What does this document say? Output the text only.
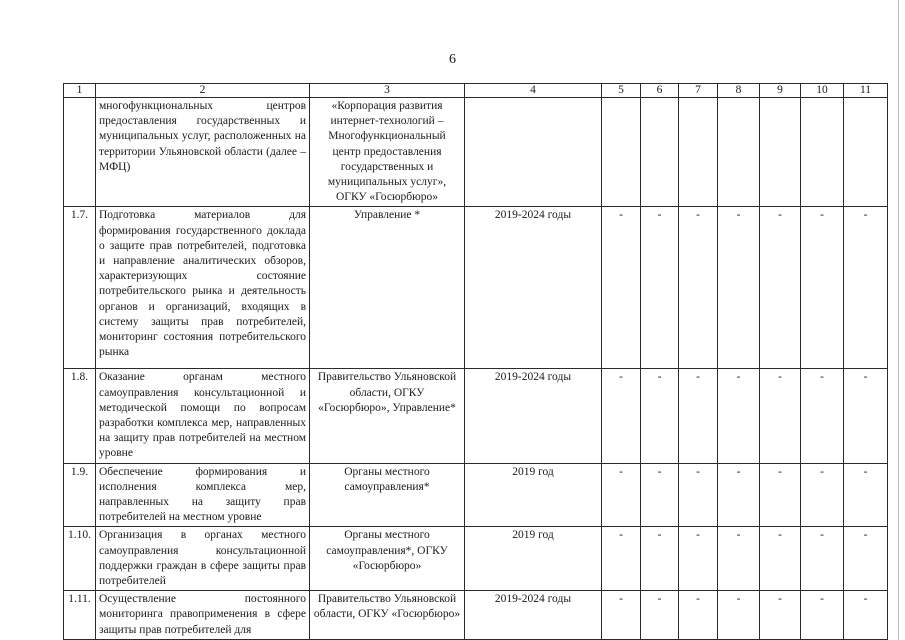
6
1	2	3	4	5	6	7	8	9	10	11
	многофункциональных центров предоставления государственных и муниципальных услуг, расположенных на территории Ульяновской области (далее – МФЦ)	«Корпорация развития интернет-технологий – Многофункциональный центр предоставления государственных и муниципальных услуг», ОГКУ «Госюрбюро»								
1.7.	Подготовка материалов для формирования государственного доклада о защите прав потребителей, подготовка и направление аналитических обзоров, характеризующих состояние потребительского рынка и деятельность органов и организаций, входящих в систему защиты прав потребителей, мониторинг состояния потребительского рынка	Управление *	2019-2024 годы	-	-	-	-	-	-	-
1.8.	Оказание органам местного самоуправления консультационной и методической помощи по вопросам разработки комплекса мер, направленных на защиту прав потребителей на местном уровне	Правительство Ульяновской области, ОГКУ «Госюрбюро», Управление*	2019-2024 годы	-	-	-	-	-	-	-
1.9.	Обеспечение формирования и исполнения комплекса мер, направленных на защиту прав потребителей на местном уровне	Органы местного самоуправления*	2019 год	-	-	-	-	-	-	-
1.10.	Организация в органах местного самоуправления консультационной поддержки граждан в сфере защиты прав потребителей	Органы местного самоуправления*, ОГКУ «Госюрбюро»	2019 год	-	-	-	-	-	-	-
1.11.	Осуществление постоянного мониторинга правоприменения в сфере защиты прав потребителей для	Правительство Ульяновской области, ОГКУ «Госюрбюро»	2019-2024 годы	-	-	-	-	-	-	-
